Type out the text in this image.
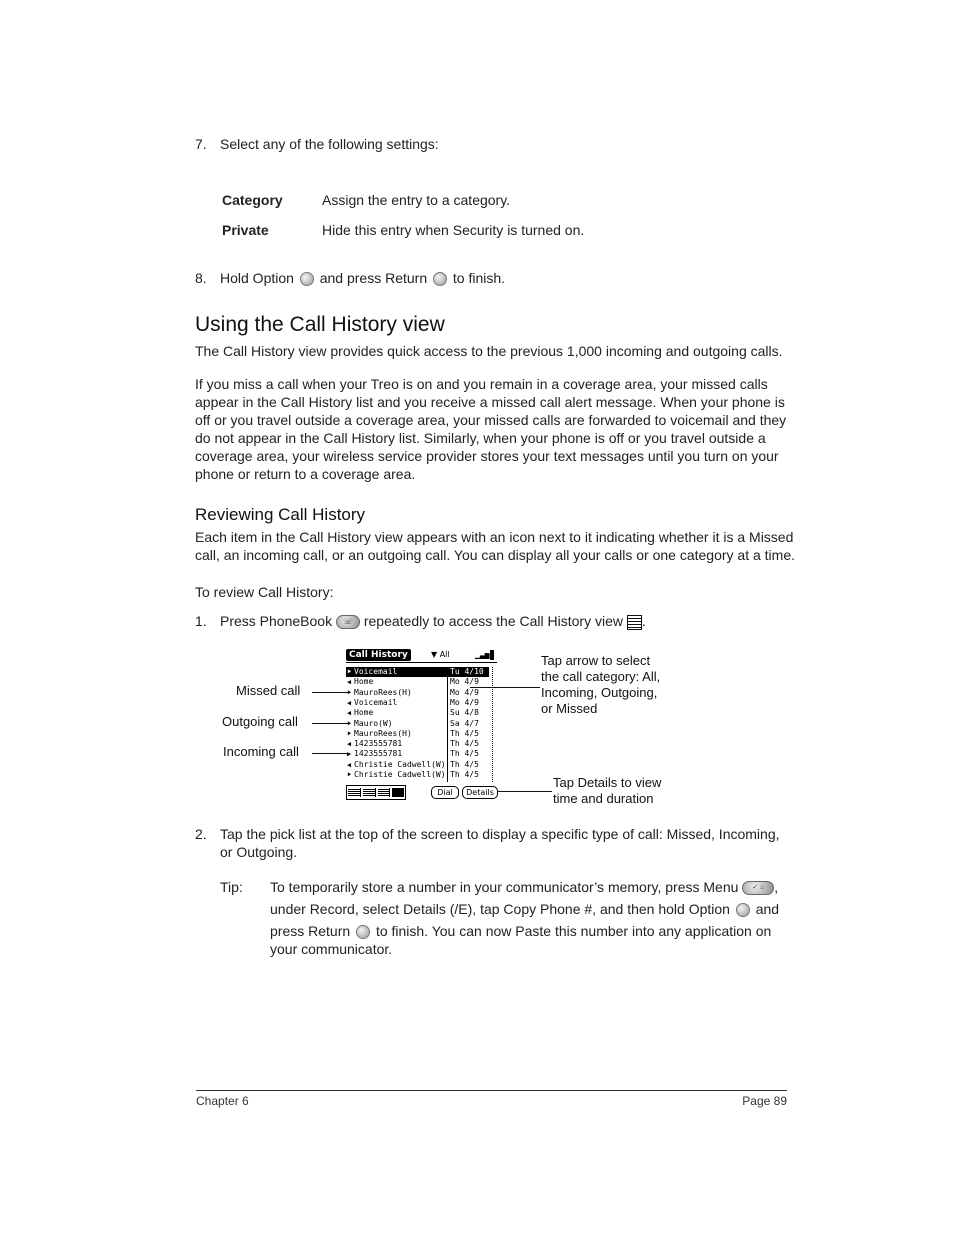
7. Select any of the following settings:
Category	Assign the entry to a category.
Private	Hide this entry when Security is turned on.
8. Hold Option and press Return to finish.
Using the Call History view
The Call History view provides quick access to the previous 1,000 incoming and outgoing calls.
If you miss a call when your Treo is on and you remain in a coverage area, your missed calls
appear in the Call History list and you receive a missed call alert message. When your phone is
off or you travel outside a coverage area, your missed calls are forwarded to voicemail and they
do not appear in the Call History list. Similarly, when your phone is off or you travel outside a
coverage area, your wireless service provider stores your text messages until you turn on your
phone or return to a coverage area.
Reviewing Call History
Each item in the Call History view appears with an icon next to it indicating whether it is a Missed
call, an incoming call, or an outgoing call. You can display all your calls or one category at a time.
To review Call History:
1. Press PhoneBook ☏ repeatedly to access the Call History view .
Call History	▼ All	▁▃▅
⯈ Voicemail	Tu 4/10
◀ Home	Mo 4/9
⯈ MauroRees(H)	Mo 4/9
◀ Voicemail	Mo 4/9
◀ Home	Su 4/8
⯈ Mauro(W)	Sa 4/7
⯈ MauroRees(H)	Th 4/5
◀ 1423555781	Th 4/5
▶ 1423555781	Th 4/5
◀ Christie Cadwell(W) Th 4/5
⯈ Christie Cadwell(W) Th 4/5
Dial	Details
Missed call
Outgoing call
Incoming call
Tap arrow to select
the call category: All,
Incoming, Outgoing,
or Missed
Tap Details to view
time and duration
2. Tap the pick list at the top of the screen to display a specific type of call: Missed, Incoming,
or Outgoing.
Tip: To temporarily store a number in your communicator’s memory, press Menu ✓ ⌂ ,
under Record, select Details (/E), tap Copy Phone #, and then hold Option and
press Return to finish. You can now Paste this number into any application on
your communicator.
Chapter 6	Page 89
